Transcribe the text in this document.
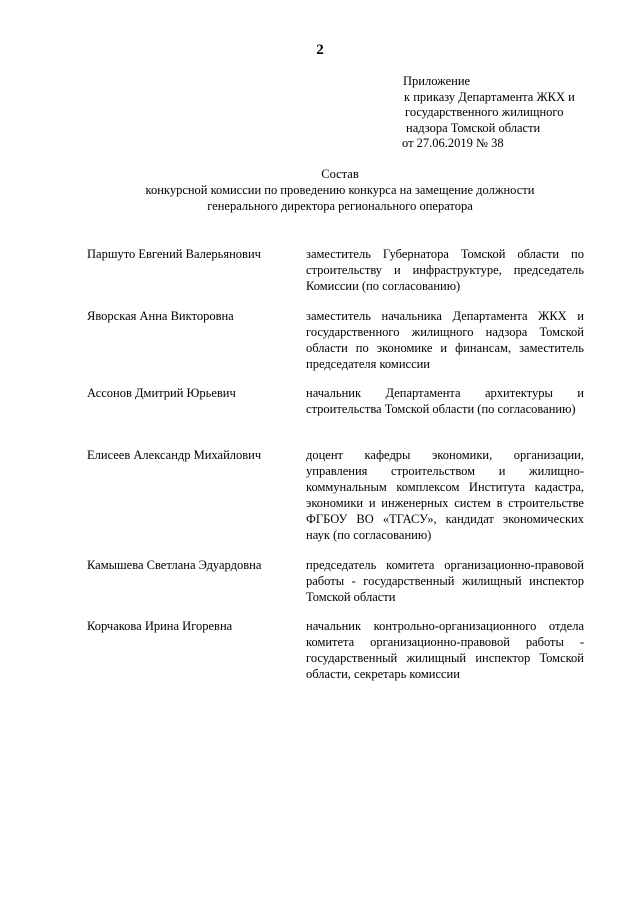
2
Приложение
к приказу Департамента ЖКХ и
государственного жилищного
надзора Томской области
от 27.06.2019 № 38
Состав
конкурсной комиссии по проведению конкурса на замещение должности
генерального директора регионального оператора
Паршуто Евгений Валерьянович	заместитель Губернатора Томской области по строительству и инфраструктуре, председатель Комиссии (по согласованию)
Яворская Анна Викторовна	заместитель начальника Департамента ЖКХ и государственного жилищного надзора Томской области по экономике и финансам, заместитель председателя комиссии
Ассонов Дмитрий Юрьевич	начальник Департамента архитектуры и строительства Томской области (по согласованию)
Елисеев Александр Михайлович	доцент кафедры экономики, организации, управления строительством и жилищно-коммунальным комплексом Института кадастра, экономики и инженерных систем в строительстве ФГБОУ ВО «ТГАСУ», кандидат экономических наук (по согласованию)
Камышева Светлана Эдуардовна	председатель комитета организационно-правовой работы - государственный жилищный инспектор Томской области
Корчакова Ирина Игоревна	начальник контрольно-организационного отдела комитета организационно-правовой работы - государственный жилищный инспектор Томской области, секретарь комиссии
